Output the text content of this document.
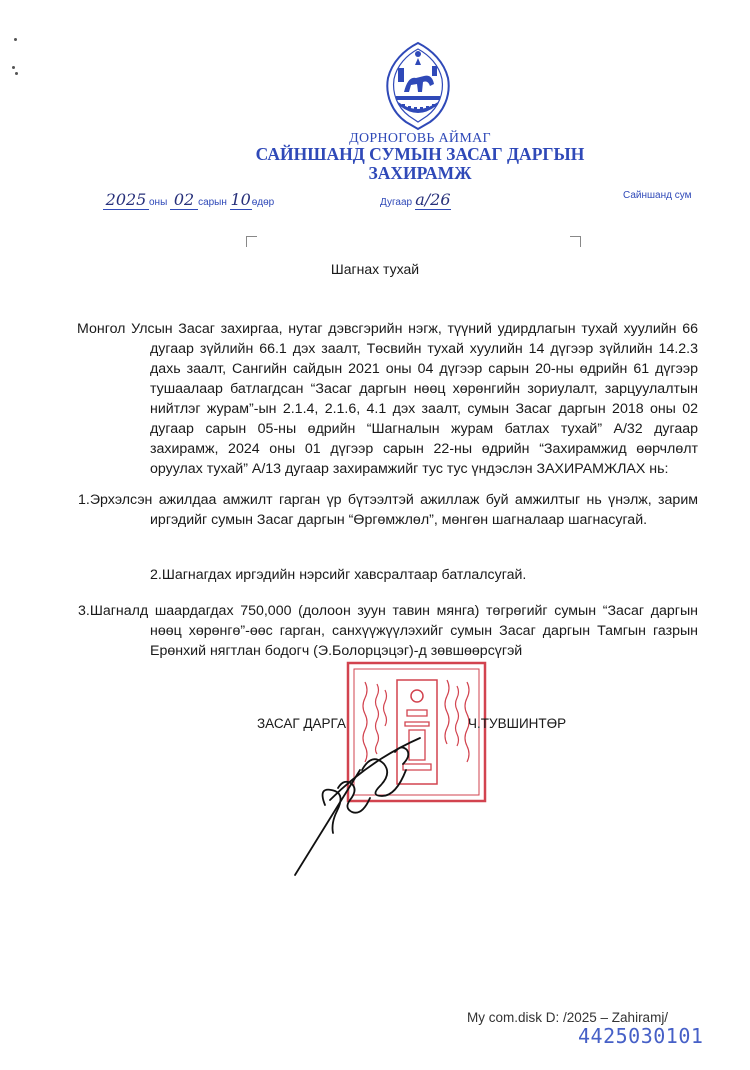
ДОРНОГОВЬ АЙМАГ
САЙНШАНД СУМЫН ЗАСАГ ДАРГЫН
ЗАХИРАМЖ
2025 оны 02 сарын 10өдөр	Дугаар а/26	Сайншанд сум
Шагнах тухай
Монгол Улсын Засаг захиргаа, нутаг дэвсгэрийн нэгж, түүний удирдлагын тухай хуулийн 66 дугаар зүйлийн 66.1 дэх заалт, Төсвийн тухай хуулийн 14 дүгээр зүйлийн 14.2.3 дахь заалт, Сангийн сайдын 2021 оны 04 дүгээр сарын 20-ны өдрийн 61 дүгээр тушаалаар батлагдсан “Засаг даргын нөөц хөрөнгийн зориулалт, зарцуулалтын нийтлэг журам”-ын 2.1.4, 2.1.6, 4.1 дэх заалт, сумын Засаг даргын 2018 оны 02 дугаар сарын 05-ны өдрийн “Шагналын журам батлах тухай” А/32 дугаар захирамж, 2024 оны 01 дүгээр сарын 22-ны өдрийн “Захирамжид өөрчлөлт оруулах тухай” А/13 дугаар захирамжийг тус тус үндэслэн ЗАХИРАМЖЛАХ нь:
1.Эрхэлсэн ажилдаа амжилт гарган үр бүтээлтэй ажиллаж буй амжилтыг нь үнэлж, зарим иргэдийг сумын Засаг даргын “Өргөмжлөл”, мөнгөн шагналаар шагнасугай.
2.Шагнагдах иргэдийн нэрсийг хавсралтаар батлалсугай.
3.Шагналд шаардагдах 750,000 (долоон зуун тавин мянга) төгрөгийг сумын “Засаг даргын нөөц хөрөнгө”-өөс гарган, санхүүжүүлэхийг сумын Засаг даргын Тамгын газрын Ерөнхий нягтлан бодогч (Э.Болорцэцэг)-д зөвшөөрсүгэй
ЗАСАГ ДАРГА	Ч.ТУВШИНТӨР
My com.disk D: /2025 – Zahiramj/
4425030101
